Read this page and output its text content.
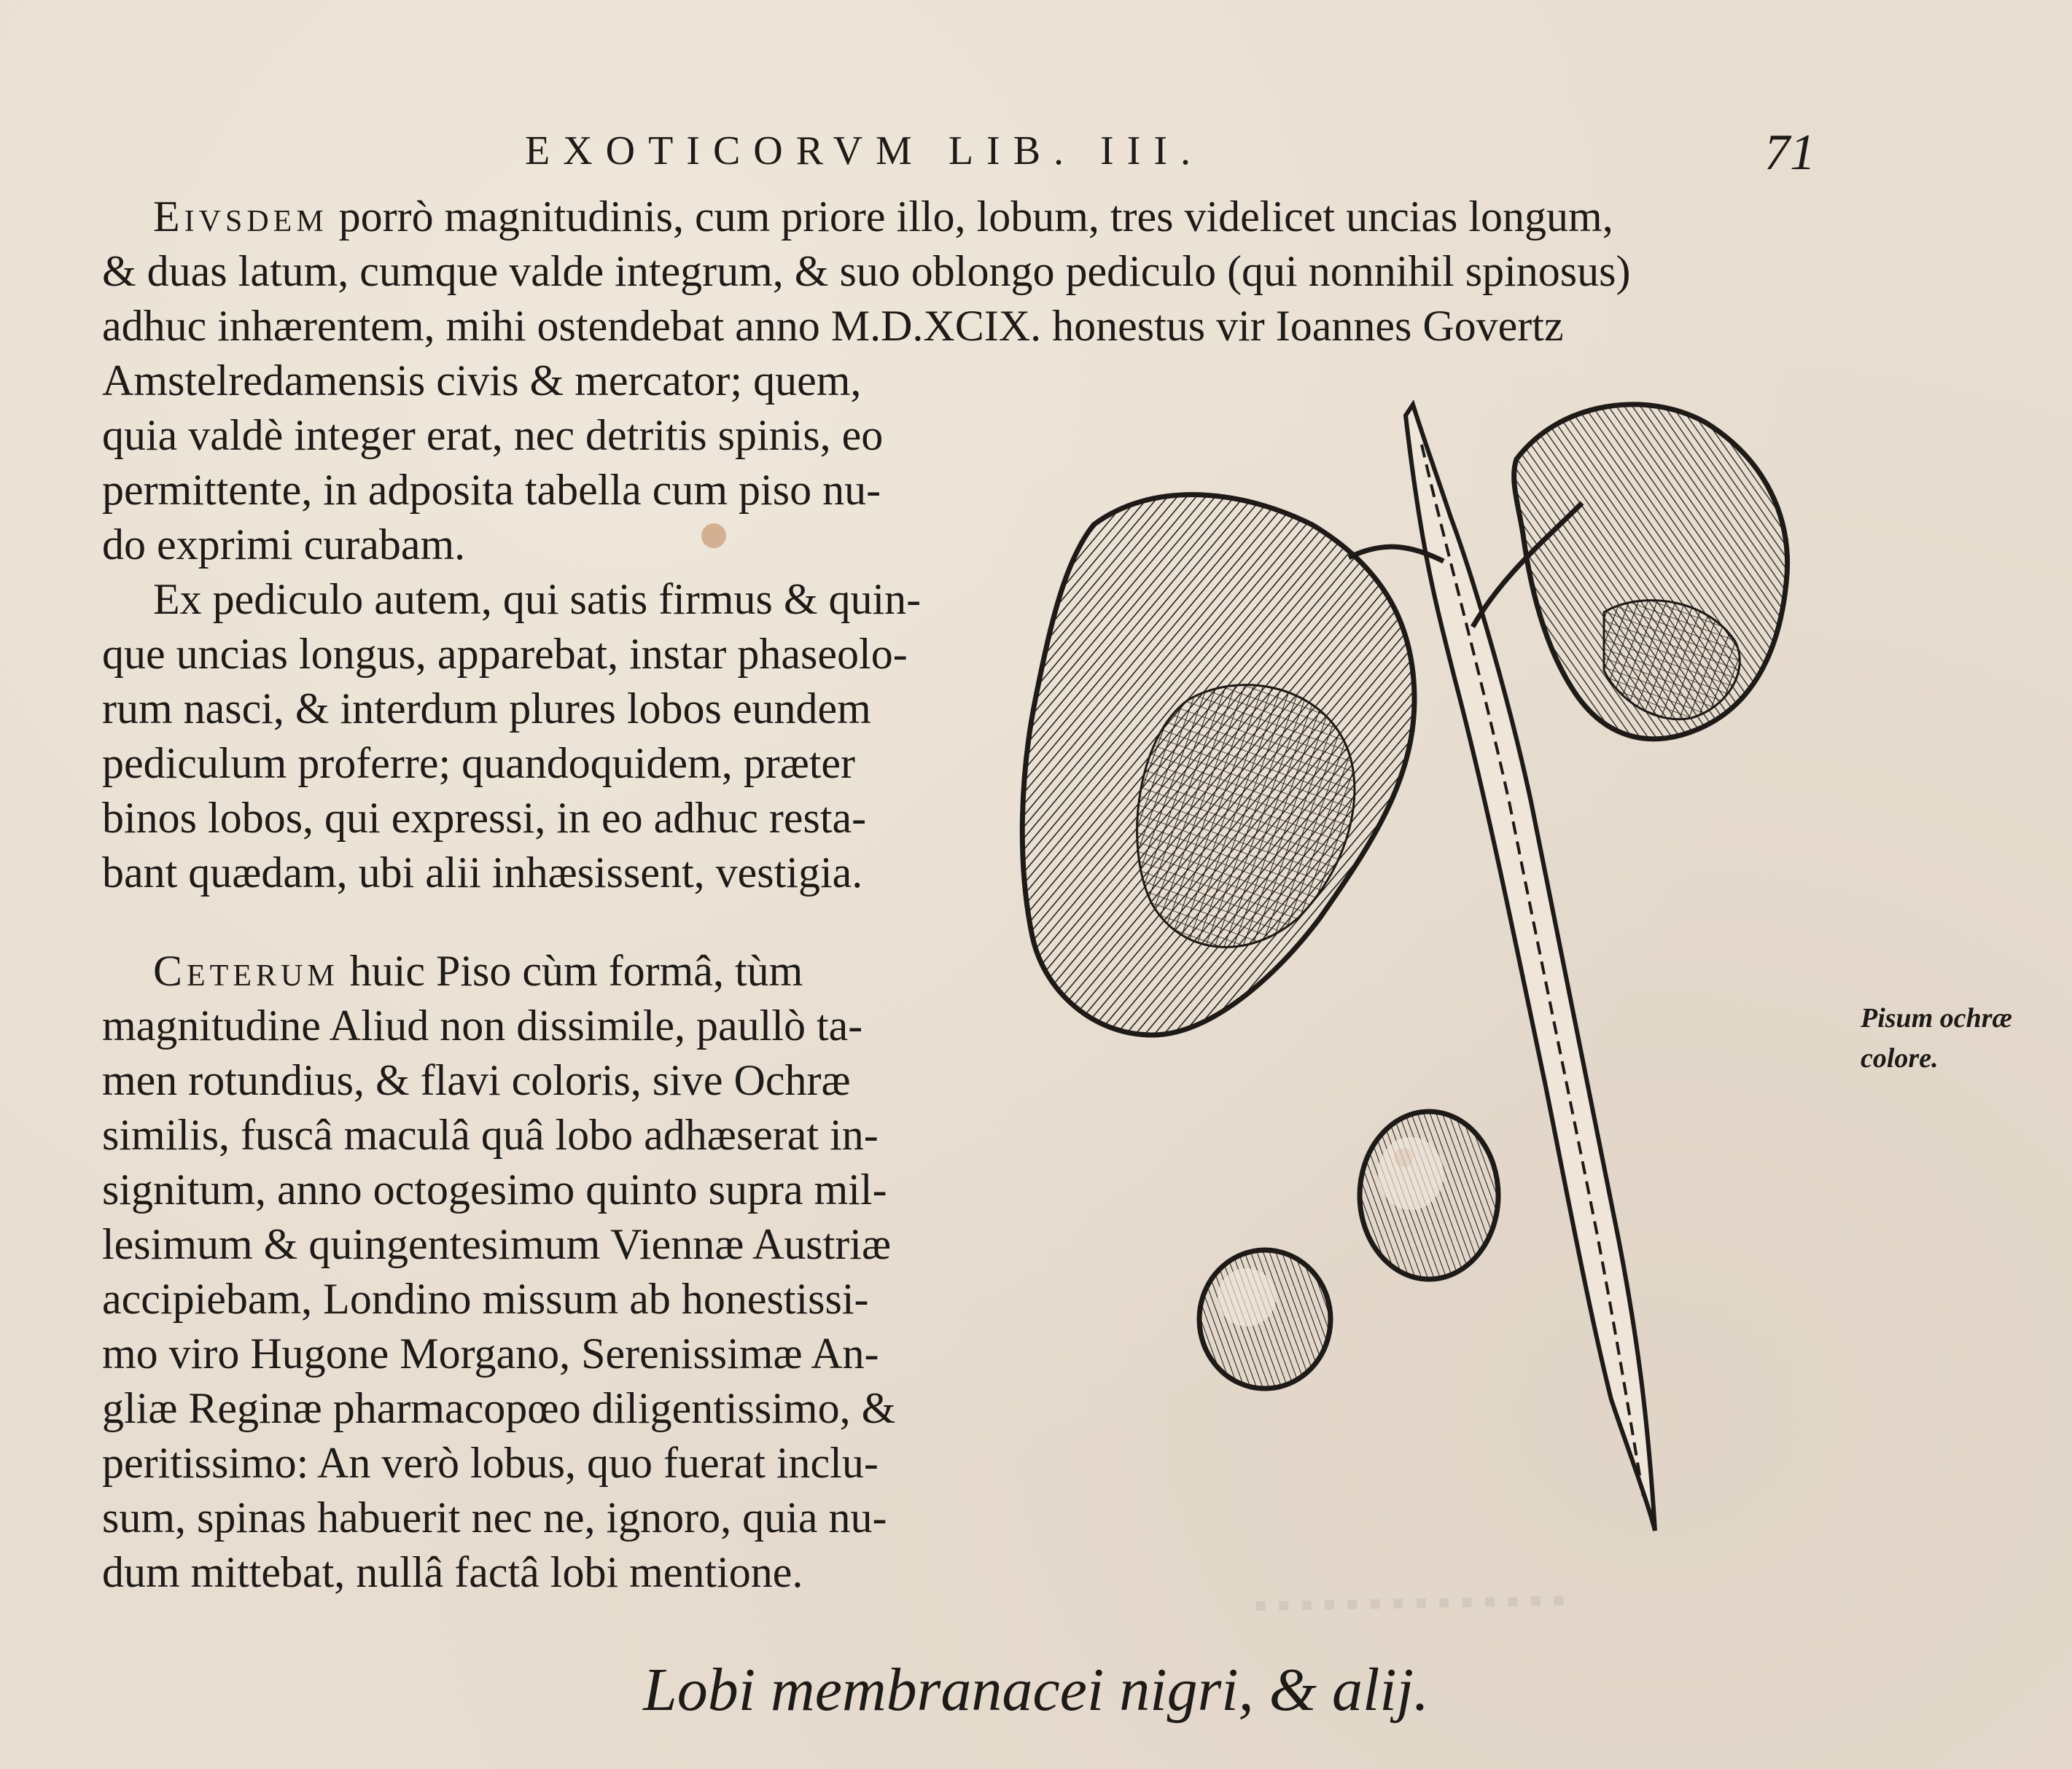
▪ ▪ ▪ ▪ ▪ ▪ ▪ ▪ ▪ ▪ ▪ ▪ ▪ ▪
EXOTICORVM LIB. III.	71
Eivsdem porrò magnitudinis, cum priore illo, lobum, tres videlicet uncias longum,
& duas latum, cumque valde integrum, & suo oblongo pediculo (qui nonnihil spinosus)
adhuc inhærentem, mihi ostendebat anno M.D.XCIX. honestus vir Ioannes Govertz
Amstelredamensis civis & mercator; quem,
quia valdè integer erat, nec detritis spinis, eo
permittente, in adposita tabella cum piso nu-
do exprimi curabam.
Ex pediculo autem, qui satis firmus & quin-
que uncias longus, apparebat, instar phaseolo-
rum nasci, & interdum plures lobos eundem
pediculum proferre; quandoquidem, præter
binos lobos, qui expressi, in eo adhuc resta-
bant quædam, ubi alii inhæsissent, vestigia.
Ceterum huic Piso cùm formâ, tùm
magnitudine Aliud non dissimile, paullò ta-
men rotundius, & flavi coloris, sive Ochræ
similis, fuscâ maculâ quâ lobo adhæserat in-
signitum, anno octogesimo quinto supra mil-
lesimum & quingentesimum Viennæ Austriæ
accipiebam, Londino missum ab honestissi-
mo viro Hugone Morgano, Serenissimæ An-
gliæ Reginæ pharmacopœo diligentissimo, &
peritissimo: An verò lobus, quo fuerat inclu-
sum, spinas habuerit nec ne, ignoro, quia nu-
dum mittebat, nullâ factâ lobi mentione.
Pisum ochræ
colore.
Lobi membranacei nigri, & alij.
